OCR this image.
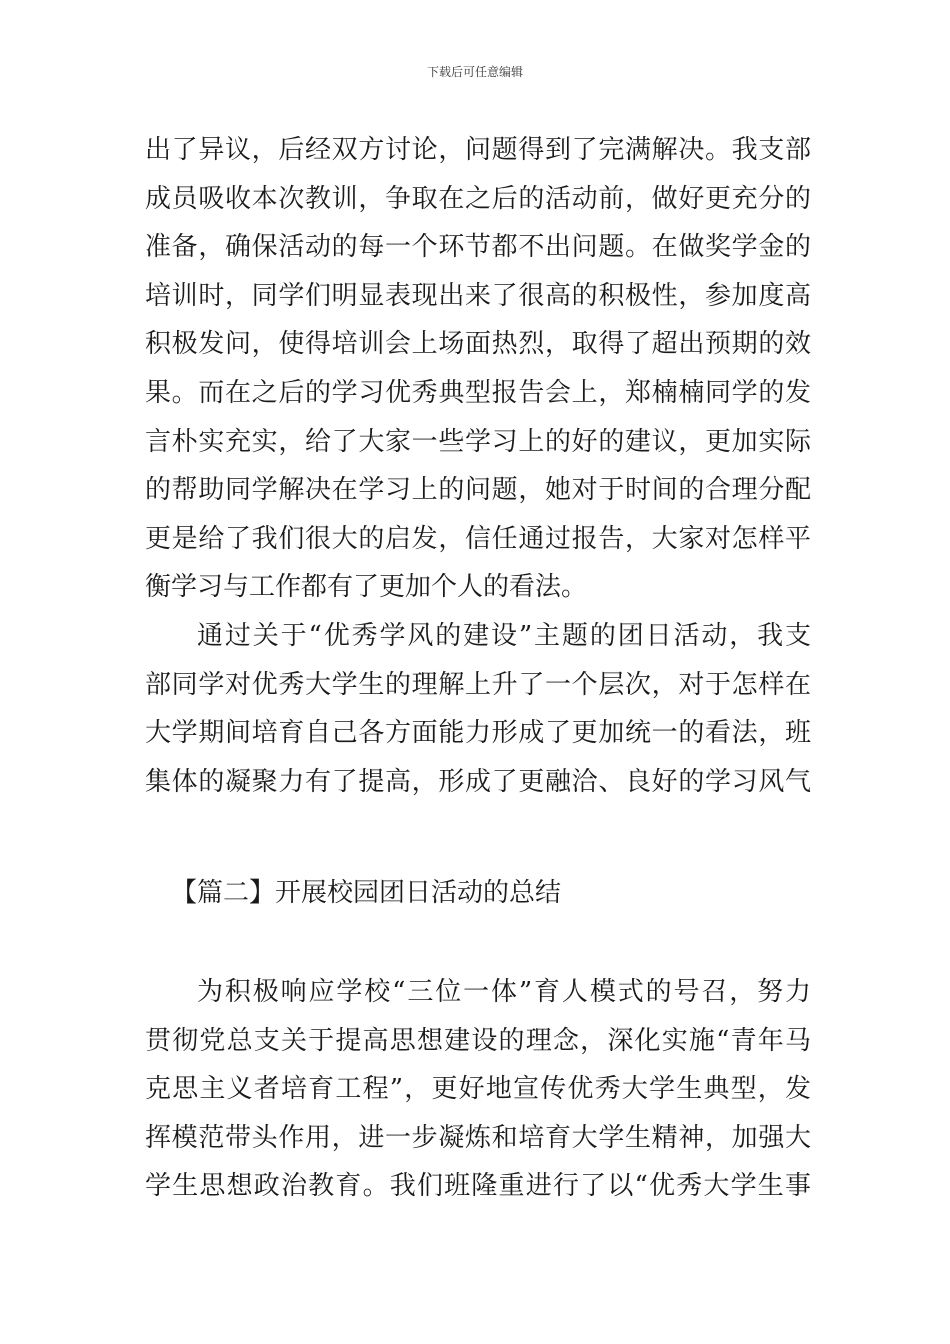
下载后可任意编辑

出了异议，后经双方讨论，问题得到了完满解决。我支部
成员吸收本次教训，争取在之后的活动前，做好更充分的
准备，确保活动的每一个环节都不出问题。在做奖学金的
培训时，同学们明显表现出来了很高的积极性，参加度高
积极发问，使得培训会上场面热烈，取得了超出预期的效
果。而在之后的学习优秀典型报告会上，郑楠楠同学的发
言朴实充实，给了大家一些学习上的好的建议，更加实际
的帮助同学解决在学习上的问题，她对于时间的合理分配
更是给了我们很大的启发，信任通过报告，大家对怎样平
衡学习与工作都有了更加个人的看法。

通过关于“优秀学风的建设”主题的团日活动，我支
部同学对优秀大学生的理解上升了一个层次，对于怎样在
大学期间培育自己各方面能力形成了更加统一的看法，班
集体的凝聚力有了提高，形成了更融洽、良好的学习风气

【篇二】开展校园团日活动的总结

为积极响应学校“三位一体”育人模式的号召，努力
贯彻党总支关于提高思想建设的理念，深化实施“青年马
克思主义者培育工程”，更好地宣传优秀大学生典型，发
挥模范带头作用，进一步凝炼和培育大学生精神，加强大
学生思想政治教育。我们班隆重进行了以“优秀大学生事
